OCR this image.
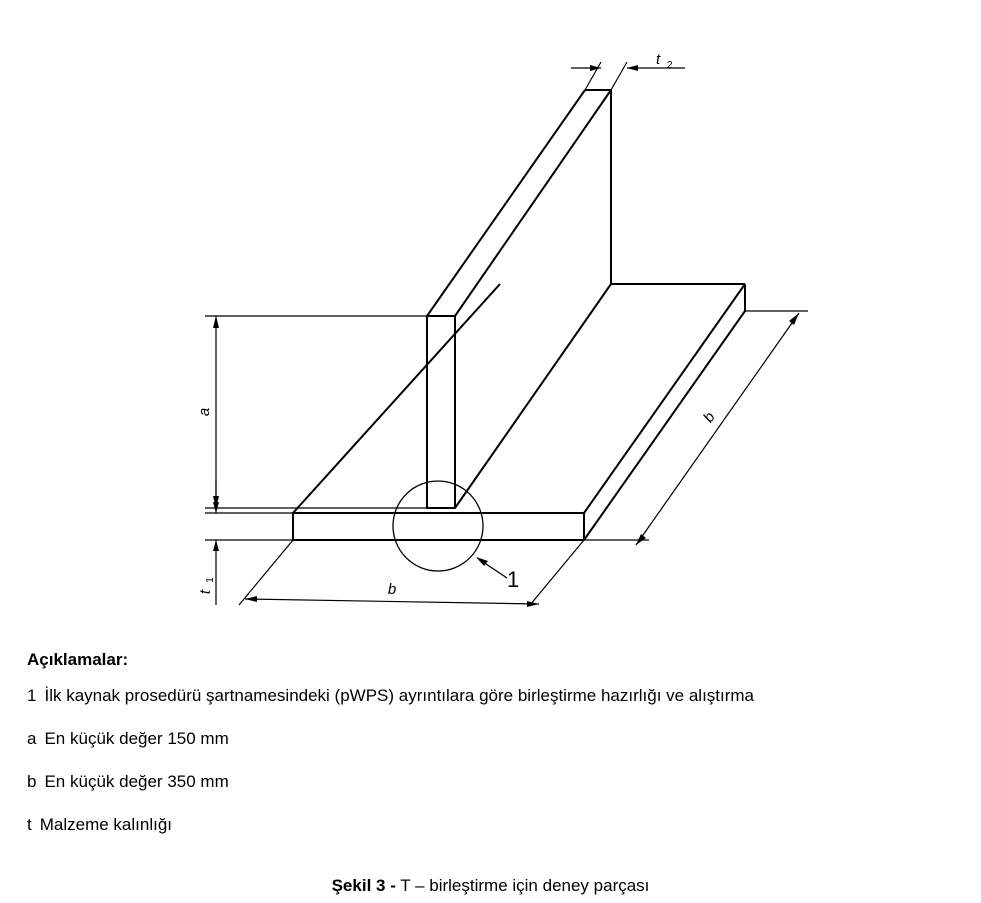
1
t 2
a
t
1
b
b
Açıklamalar:
1 İlk kaynak prosedürü şartnamesindeki (pWPS) ayrıntılara göre birleştirme hazırlığı ve alıştırma
a En küçük değer 150 mm
b En küçük değer 350 mm
t Malzeme kalınlığı
Şekil 3 - T – birleştirme için deney parçası
